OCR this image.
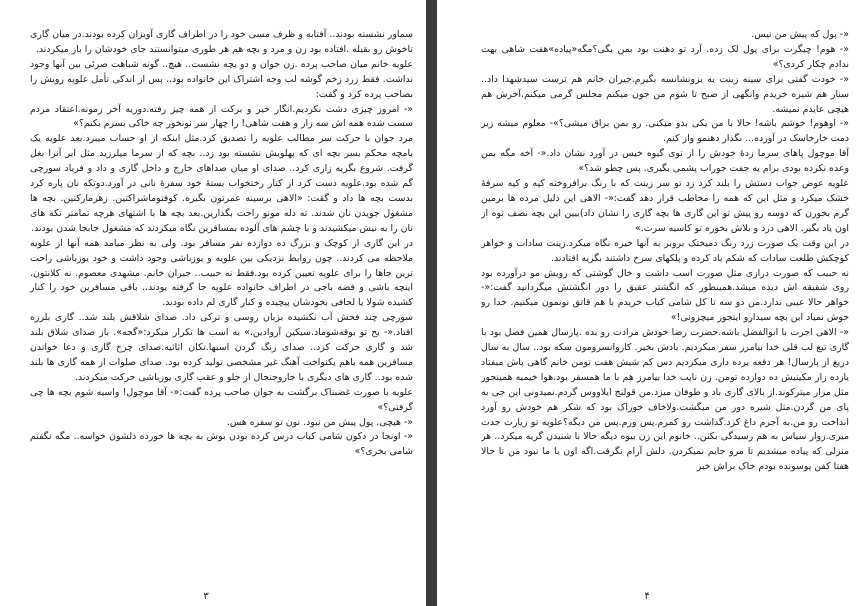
سماور نشسته بودند.. آفتابه و ظرف مسی خود را در اطراف گاری آویزان کرده بودند.در میان گاری تاخوش رو بقیله .افتاده بود زن و مرد و بچه هم هر طوری میتوانستند جای خودشان را باز میکردند.

علویه خانم میان صاحب پرده .زن جوان و دو بچه نشست.. هیچ.. گونه شباهت صرئی بین آنها وجود نداشت. فقط زرد زخم گوشه لب وجه اشتراک این خانواده بود.. پس از اندکی تأمل علویه رویش را بصاحب پرده کرد و گفت:

«- امروز چیزی دشت نکردیم.انگار خیر و برکت از همه چیز رفته.دوریه آخر زمونه.اعتقاد مردم سست شده همه اش سه زار و هفت شاهی! را چهار سر نونخور چه خاکی بسرم بکنم؟»

مرد جوان با حرکت سر مطالب علویه را تصدیق کرد.مثل اینکه از او حساب میبرد.بعد علویه یک بامچه محکم بسر بچه ای که پهلویش نشسته بود زد.. بچه که از سرما میلرزید مثل ابر آنرا بغل گرفت. شروع بگریه زاری کرد.. صدای او میان صداهای خارج و داخل گاری و داد و فریاد سورچی گم شده بود.علویه دست کرد از کنار رختخواب بستهٔ خود سفرهٔ نانی در آورد.دوتکه نان پاره کرد بدست بچه ها داد و گفت: «الاهی برسینه عمرتون بگیره. کوفتوماشراکتین. زهرمارکنین. بچه ها مشغول جویدن نان شدند. ته دله مونو راحت بگذارین.بعد بچه ها با اشتهای هرچه تمامتر تکه های نان را به نیش میکشیدند و با چشم های آلوده بمسافرین نگاه میکردند که مشغول جابجا شدن بودند.

در این گاری از کوچک و بزرگ ده دوازده نفر مسافر بود. ولی به نظر میامد همه آنها از علویه ملاحظه می کردند.. چون روابط نزدیکی بین علویه و یوزباشی وجود داشت و خود یوزباشی راحت ترین جاها را برای علویه تعیین کرده بود.فقط نه حبیب.. جیران خانم. مشهدی معصوم. نه کلانتون. اینچه باشی و فضه باجی در اطراف خانواده علویه جا گرفته بودند.. باقی مسافرین خود را کنار کشیده شولا یا لحافی بخودشان پیچیده و کنار گاری لم داده بودند.

سورچی چند فحش آب نکشیده بزبان روسی و ترکی داد. صدای شلاقش بلند شد.. گاری بلرزه افتاد.«- یح تو بوقه‌شوماد.سیکین آروادین.» به اسب ها تکرار میکرد:«گجه». باز صدای شلاق بلند شد و گاری حرکت کرد.. صدای زنگ گردن اسبها.تکان اثاثیه.صدای چرخ گاری و دعا خواندن مسافرین همه باهم یکنواخت آهنگ غیر مشخصی تولید کرده بود. صدای صلوات از همه گاری ها بلند شده بود.. گاری های دیگری با جاروجنجال از جلو و عقب گاری یوزباشی حرکت میکردند.

علویه با صورت غضبناک برگشت به جوان صاحب پرده گفت:«- آقا موچول! واسیه شوم بچه ها چی گرفتی؟»

«- هیچی. پول پیش من نبود. نون تو سفره هس.

«- اونجا در دکون شامی کباب درس کرده بودن بوش به بچه ها خورده دلشون خواسه.. مگه نگفتم شامی بخری؟»

۳

«- پول که پیش من نیس.

«- هوم! چیگرت برای پول لک زده. آرد تو دهنت بود بمن بگی؟مگه«پیاده»هفت شاهی بهت ندادم چکار کردی؟»

«- خودت گفتی برای سینه زینت یه بزونشانسه بگیرم.جیران خانم هم ترست سیدشهدا داد.. سنار هم شیره خریدم وانگهی از صبح تا شوم من جون میکنم مجلس گرمی میکنم.آخرش هم هیچی عایدم نمیشه.

«- اوهوم! خوشم باشه! حالا با من یکی بدو میکنی. رو بمن براق میشی؟»- معلوم میشه زیر دمت خارخاسک در آورده... نگذار دهنمو واز کنم.

آقا موچول پاهای سرما زدهٔ خودش را از توی گیوه خیس در آورد نشان داد.«- آخه مگه بمن وعده نکرده بودی برام یه جفت جوراب پشمی بگیری. پس چطو شد؟»

علویه عوض جواب دستش را بلند کرد زد تو سر زینت که با رنگ برافروخته کپه و کپه سرفهٔ خشک میکرد و مثل این که همه را مخاطب قرار دهد گفت:«- الاهی این ذلیل مرده ها بزمین گرم بخورن که دوسه رو پیش تو این گاری ها بچه گاری را نشان داد)بیین این بچه نصف توه از اون یاد بگیر. الاهی درد و بلاش بخوره تو کاسیه سرت.»

در این وقت یک صورت زرد رنگ دمیختک بروبر به آنها خیره نگاه میکرد.زینت سادات و خواهر کوچکش طلعت سادات که شکم باد کرده و پلکهای سرخ داشتند بگریه افتادند.

نه حبیب که صورت درازی مثل صورت اسب داشت و خال گوشتی که رویش مو درآورده بود روی شقیقه اش دیده میشد.همینطور که انگشتر عقیق را دور انگشتش میگردانید گفت:«- خواهر حالا عیبی ندارد.من دو سه تا کل شامی کباب خریدم با هم قاتق نونمون میکنیم. خدا رو خوش نمیاد این بچه سیدارو اینجور میچزونی!»

«- الاهی اجرت با ابوالفضل باشه.حضرت رضا خودش مرادت رو بده .پارسال همین فصل بود با گاری تیغ لب قلی خدا بیامرز سفر میکردیم. بادش بخیر. کاروانسرومون سکه بود.. سال به سال دریغ از پارسال! هر دفعه برده داری میکردیم دس کم شیش هفت تومن خانم گاهی پاش میفتاد یازده زار مکینیش ده دوازده تومن. زن نایب خدا بیامرز هم با ما همسفر بود.هوا خیمیه همینجور مثل مزار میترکوند.از بالای گاری باد و طوفان میزد.من قولنج ایلاووس گردم.نمیدونی این جی به پای من گردن.مثل شیره دور من میگشت.ولاخاف خوراک بود که شکر هم خودش رو آورد انداخت رو من.به آجرم داغ کرد.گذاشت رو کمرم.پس ورم.پس من دیگه؟علویه تو زیارت جدت میری.زوار سیاس به هم رسیدگی بکنن.. خانوم این زن بیوه دیگه حالا با شنیدن گریه میکرد.. هر منزلی که پیاده میشدیم تا مرو جایم نمیکردن. دلش آرام نگرفت.اگه اون با ما نبود من تا حالا هفتا کفن پوسونده بودم خاک براش خبر

۴
